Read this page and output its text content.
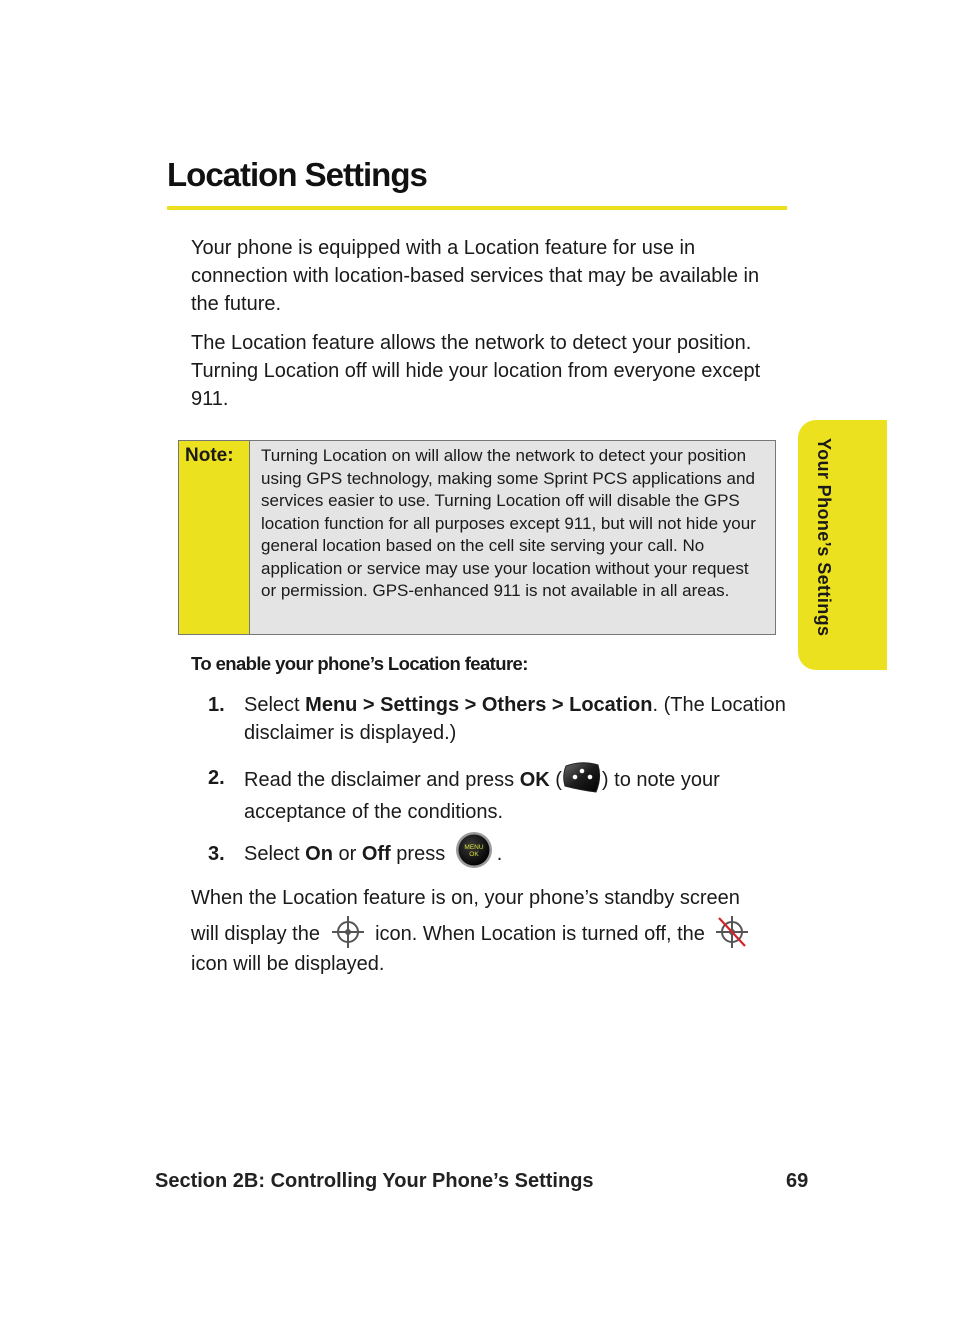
Location Settings
Your phone is equipped with a Location feature for use in connection with location-based services that may be available in the future.
The Location feature allows the network to detect your position. Turning Location off will hide your location from everyone except 911.
Note:	Turning Location on will allow the network to detect your position using GPS technology, making some Sprint PCS applications and services easier to use. Turning Location off will disable the GPS location function for all purposes except 911, but will not hide your general location based on the cell site serving your call. No application or service may use your location without your request or permission. GPS-enhanced 911 is not available in all areas.
To enable your phone’s Location feature:
1. Select Menu > Settings > Others > Location. (The Location disclaimer is displayed.)
2. Read the disclaimer and press OK ( ) to note your acceptance of the conditions.
3. Select On or Off press MENU
OK .
When the Location feature is on, your phone’s standby screen
will display the  icon. When Location is turned off, the
icon will be displayed.
Your Phone’s Settings
Section 2B: Controlling Your Phone’s Settings	69
